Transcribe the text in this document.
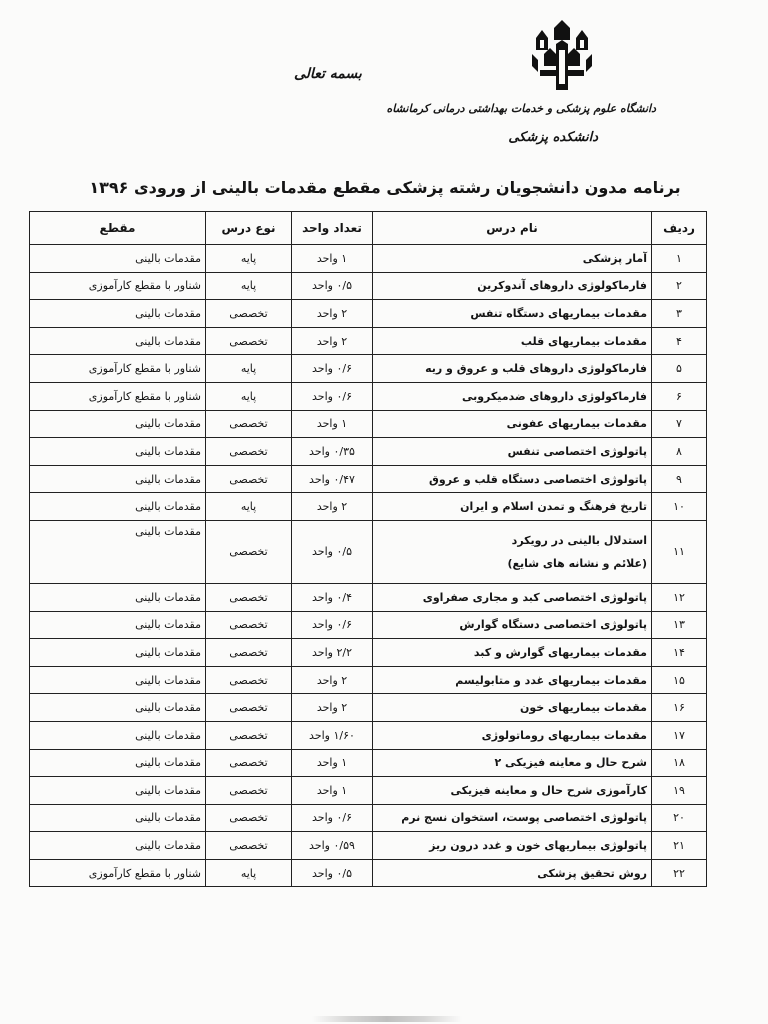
دانشگاه علوم پزشکی و خدمات بهداشتی درمانی کرمانشاه
دانشکده پزشکی
بسمه تعالی
برنامه مدون دانشجویان رشته پزشکی مقطع مقدمات بالینی از ورودی ۱۳۹۶
ردیف	نام درس	تعداد واحد	نوع درس	مقطع
۱	آمار پزشکی	۱ واحد	پایه	مقدمات بالینی
۲	فارماکولوژی داروهای آندوکرین	۰/۵ واحد	پایه	شناور با مقطع کارآموزی
۳	مقدمات بیماریهای دستگاه تنفس	۲ واحد	تخصصی	مقدمات بالینی
۴	مقدمات بیماریهای قلب	۲ واحد	تخصصی	مقدمات بالینی
۵	فارماکولوژی داروهای قلب و عروق و ریه	۰/۶ واحد	پایه	شناور با مقطع کارآموزی
۶	فارماکولوژی داروهای ضدمیکروبی	۰/۶ واحد	پایه	شناور با مقطع کارآموزی
۷	مقدمات بیماریهای عفونی	۱ واحد	تخصصی	مقدمات بالینی
۸	پاتولوژی اختصاصی تنفس	۰/۳۵ واحد	تخصصی	مقدمات بالینی
۹	پاتولوژی اختصاصی دستگاه قلب و عروق	۰/۴۷ واحد	تخصصی	مقدمات بالینی
۱۰	تاریخ فرهنگ و تمدن اسلام و ایران	۲ واحد	پایه	مقدمات بالینی
۱۱	استدلال بالینی در رویکرد
(علائم و نشانه های شایع)	۰/۵ واحد	تخصصی	مقدمات بالینی
۱۲	پاتولوژی اختصاصی کبد و مجاری صفراوی	۰/۴ واحد	تخصصی	مقدمات بالینی
۱۳	پاتولوژی اختصاصی دستگاه گوارش	۰/۶ واحد	تخصصی	مقدمات بالینی
۱۴	مقدمات بیماریهای گوارش و کبد	۲/۲ واحد	تخصصی	مقدمات بالینی
۱۵	مقدمات بیماریهای غدد و متابولیسم	۲ واحد	تخصصی	مقدمات بالینی
۱۶	مقدمات بیماریهای خون	۲ واحد	تخصصی	مقدمات بالینی
۱۷	مقدمات بیماریهای روماتولوژی	۱/۶۰ واحد	تخصصی	مقدمات بالینی
۱۸	شرح حال و معاینه فیزیکی ۲	۱ واحد	تخصصی	مقدمات بالینی
۱۹	کارآموزی شرح حال و معاینه فیزیکی	۱ واحد	تخصصی	مقدمات بالینی
۲۰	پاتولوژی اختصاصی پوست، استخوان نسج نرم	۰/۶ واحد	تخصصی	مقدمات بالینی
۲۱	پاتولوژی بیماریهای خون و غدد درون ریز	۰/۵۹ واحد	تخصصی	مقدمات بالینی
۲۲	روش تحقیق پزشکی	۰/۵ واحد	پایه	شناور با مقطع کارآموزی
